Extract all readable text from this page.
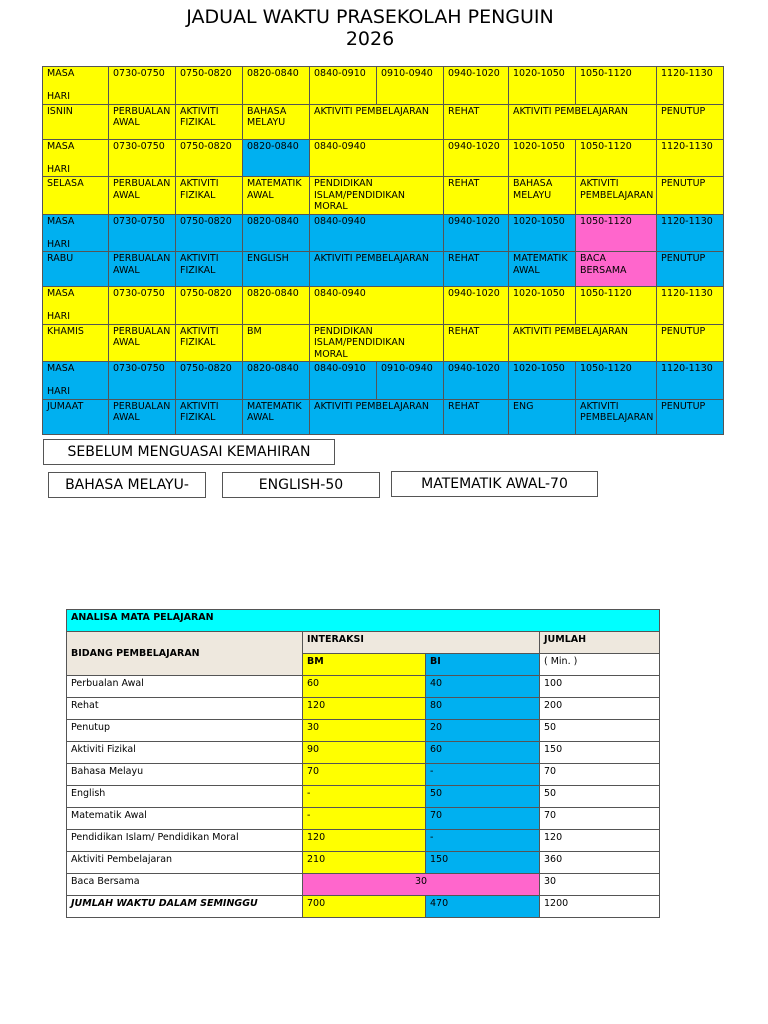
JADUAL WAKTU PRASEKOLAH PENGUIN
2026
MASA

HARI	0730-0750	0750-0820	0820-0840	0840-0910	0910-0940	0940-1020	1020-1050	1050-1120	1120-1130
ISNIN	PERBUALAN AWAL	AKTIVITI FIZIKAL	BAHASA MELAYU	AKTIVITI PEMBELAJARAN		REHAT	AKTIVITI PEMBELAJARAN		PENUTUP
MASA

HARI	0730-0750	0750-0820	0820-0840	0840-0940		0940-1020	1020-1050	1050-1120	1120-1130
SELASA	PERBUALAN AWAL	AKTIVITI FIZIKAL	MATEMATIK AWAL	PENDIDIKAN ISLAM/PENDIDIKAN MORAL		REHAT	BAHASA MELAYU	AKTIVITI PEMBELAJARAN	PENUTUP
MASA

HARI	0730-0750	0750-0820	0820-0840	0840-0940		0940-1020	1020-1050	1050-1120	1120-1130
RABU	PERBUALAN AWAL	AKTIVITI FIZIKAL	ENGLISH	AKTIVITI PEMBELAJARAN		REHAT	MATEMATIK AWAL	BACA BERSAMA	PENUTUP
MASA

HARI	0730-0750	0750-0820	0820-0840	0840-0940		0940-1020	1020-1050	1050-1120	1120-1130
KHAMIS	PERBUALAN AWAL	AKTIVITI FIZIKAL	BM	PENDIDIKAN ISLAM/PENDIDIKAN MORAL		REHAT	AKTIVITI PEMBELAJARAN		PENUTUP
MASA

HARI	0730-0750	0750-0820	0820-0840	0840-0910	0910-0940	0940-1020	1020-1050	1050-1120	1120-1130
JUMAAT	PERBUALAN AWAL	AKTIVITI FIZIKAL	MATEMATIK AWAL	AKTIVITI PEMBELAJARAN		REHAT	ENG	AKTIVITI PEMBELAJARAN	PENUTUP
SEBELUM MENGUASAI KEMAHIRAN
BAHASA MELAYU-	ENGLISH-50	MATEMATIK AWAL-70
ANALISA MATA PELAJARAN			
BIDANG PEMBELAJARAN	INTERAKSI		JUMLAH
	BM	BI	( Min. )
Perbualan Awal	60	40	100
Rehat	120	80	200
Penutup	30	20	50
Aktiviti Fizikal	90	60	150
Bahasa Melayu	70	-	70
English	-	50	50
Matematik Awal	-	70	70
Pendidikan Islam/ Pendidikan Moral	120	-	120
Aktiviti Pembelajaran	210	150	360
Baca Bersama	30		30
JUMLAH WAKTU DALAM SEMINGGU	700	470	1200
